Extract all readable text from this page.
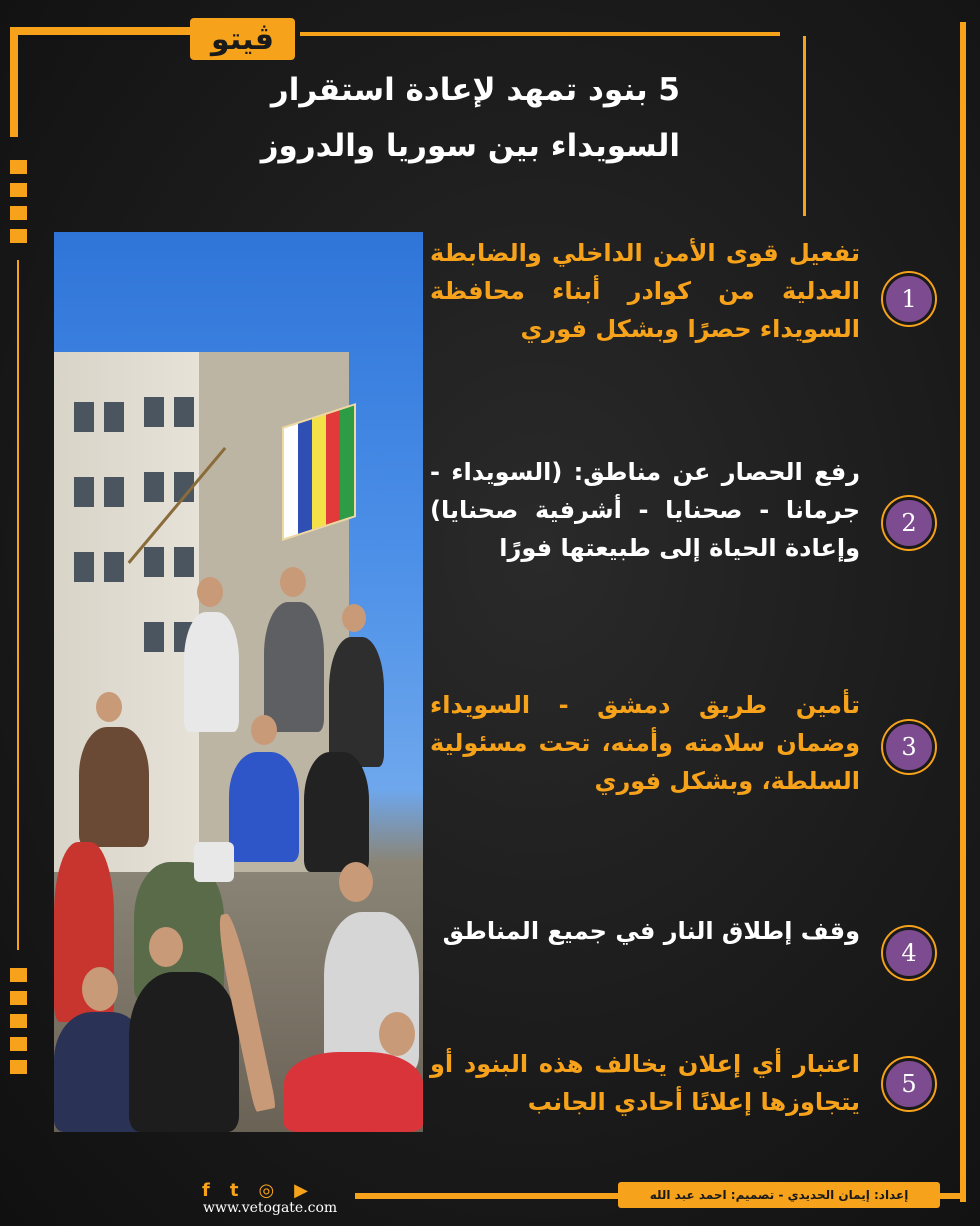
ڤيتو
5 بنود تمهد لإعادة استقرار
السويداء بين سوريا والدروز
تفعيل قوى الأمن الداخلي والضابطة العدلية من كوادر أبناء محافظة السويداء حصرًا وبشكل فوري
1
رفع الحصار عن مناطق: (السويداء - جرمانا - صحنايا - أشرفية صحنايا) وإعادة الحياة إلى طبيعتها فورًا
2
تأمين طريق دمشق - السويداء وضمان سلامته وأمنه، تحت مسئولية السلطة، وبشكل فوري
3
وقف إطلاق النار في جميع المناطق
4
اعتبار أي إعلان يخالف هذه البنود أو يتجاوزها إعلانًا أحادي الجانب
5
f t ◎ ▶
www.vetogate.com
إعداد: إيمان الحديدي - تصميم: احمد عبد الله
